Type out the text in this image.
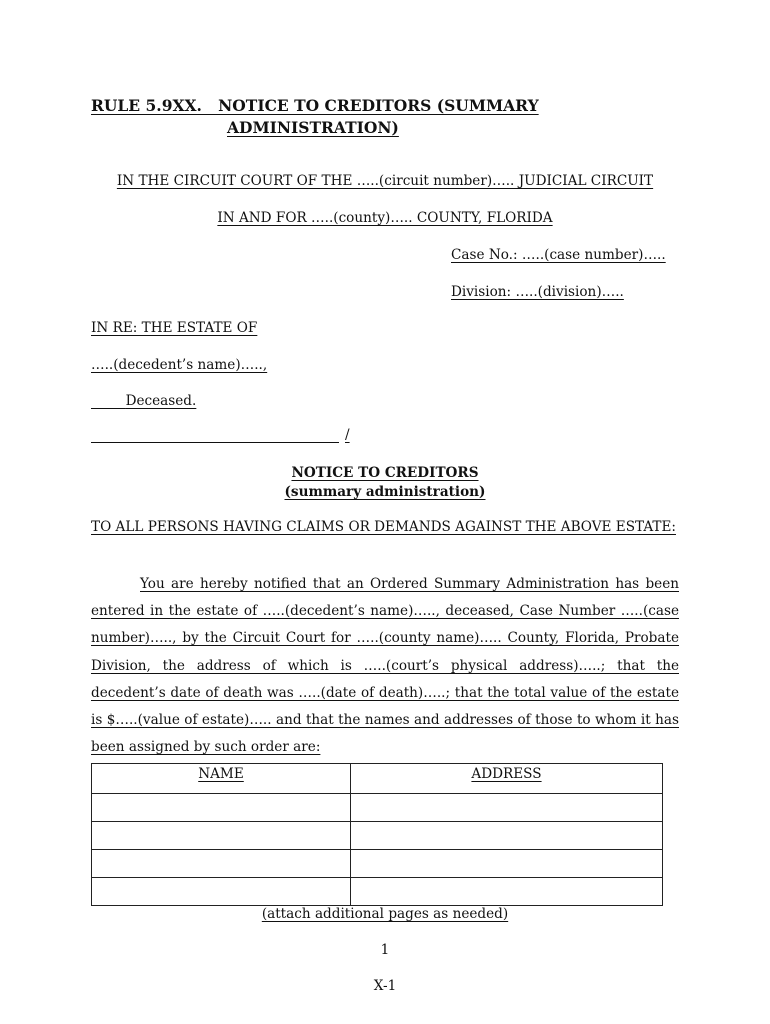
RULE 5.9XX.   NOTICE TO CREDITORS (SUMMARY
ADMINISTRATION)
IN THE CIRCUIT COURT OF THE …..(circuit number)….. JUDICIAL CIRCUIT
IN AND FOR …..(county)….. COUNTY, FLORIDA
Case No.: …..(case number)…..
Division: …..(division)…..
IN RE: THE ESTATE OF
…..(decedent’s name)…..,
Deceased.
/
NOTICE TO CREDITORS
(summary administration)
TO ALL PERSONS HAVING CLAIMS OR DEMANDS AGAINST THE ABOVE ESTATE:
You are hereby notified that an Ordered Summary Administration has been entered in the estate of …..(decedent’s name)….., deceased, Case Number …..(case number)….., by the Circuit Court for …..(county name)….. County, Florida, Probate Division, the address of which is …..(court’s physical address)…..; that the decedent’s date of death was …..(date of death)…..; that the total value of the estate is $…..(value of estate)….. and that the names and addresses of those to whom it has been assigned by such order are:
NAME	ADDRESS

(attach additional pages as needed)
1
X-1
